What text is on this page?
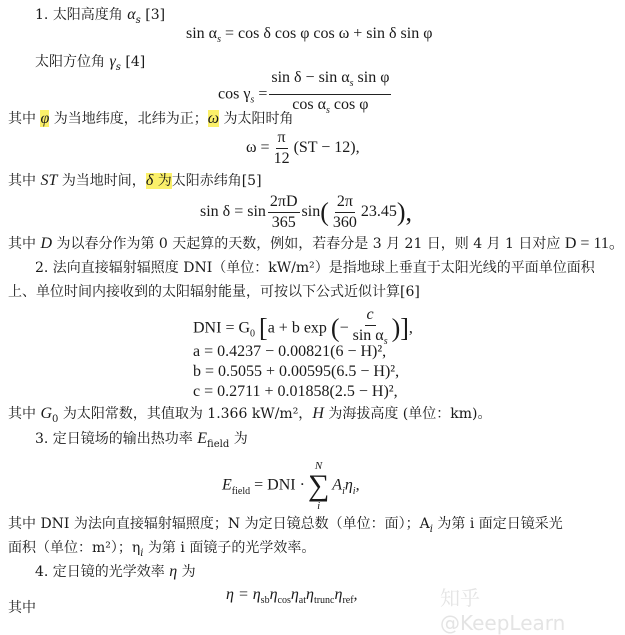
1. 太阳高度角 $\alpha_s$ [3]
$\sin \alpha_s = \cos \delta$ cos φ cos ω + sin δ sin φ
太阳方位角 $\gamma_s$ [4]
$\cos \gamma_s = \frac{\sin \delta - \sin \alpha_s \sin \varphi}{\cos \alpha_s \cos \varphi}$
其中 φ 为当地纬度，北纬为正；ω 为太阳时角
$\omega = \frac{\pi}{12} (ST - 12)$,
其中 ST 为当地时间，δ 为太阳赤纬角[5]
$\sin \delta = \sin \frac{2\pi D}{365} \sin( \frac{2\pi}{360} 23.45)$,
其中 D 为以春分作为第 0 天起算的天数，例如，若春分是 3 月 21 日，则 4 月 1 日对应 D = 11。
2. 法向直接辐射辐照度 DNI（单位：kW/m²）是指地球上垂直于太阳光线的平面单位面积
上、单位时间内接收到的太阳辐射能量，可按以下公式近似计算[6]
DNI = $G_0$ [a + b exp (− $\frac{c}{\sin \alpha_s}$ )],
a = 0.4237 − 0.00821(6 − H)²,
b = 0.5055 + 0.00595(6.5 − H)²,
c = 0.2711 + 0.01858(2.5 − H)²,
其中 $G_0$ 为太阳常数，其值取为 1.366 kW/m²，H 为海拔高度 (单位：km)。
3. 定日镜场的输出热功率 $E_{field}$ 为
$E_{field}$ = DNI ·
N
∑
i
$A_i\eta_i$,
其中 DNI 为法向直接辐射辐照度；N 为定日镜总数（单位：面）；$A_i$ 为第 i 面定日镜采光
面积（单位：m²）；$\eta_i$ 为第 i 面镜子的光学效率。
4. 定日镜的光学效率 η 为
$\eta = \eta_{sb}\eta_{cos}\eta_{at}\eta_{trunc}\eta_{ref}$,
其中	知乎 @KeepLearn
